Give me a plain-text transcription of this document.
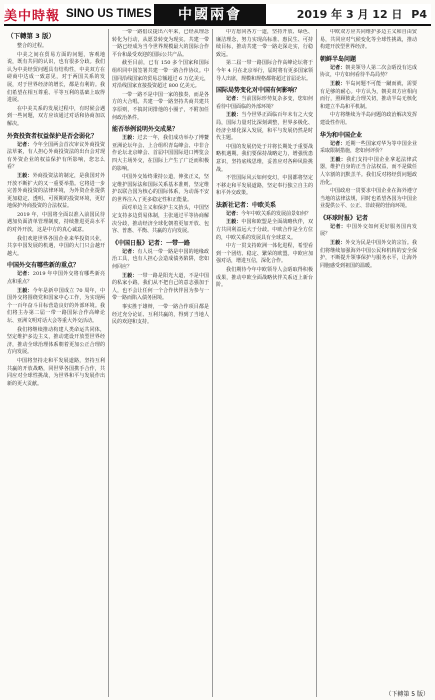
美中時報 SINO US TIMES	中國兩會	2019 年 3 月 12 日 P4
（下轉第 3 版）

整合的过程。

中美之间在贸易方面的问题，客观地说，既有共同的认识，也有很多分歧。我们认为中美经贸问题具有结构性，中美双方在磋商中达成一致意见，对于两国关系的发展，对于世界经济的增长，都是有利的。我们希望在相互尊重、平等互利的基础上取得进展。

在中美关系的发展过程中，有时候会遇到一些问题，双方应该通过对话和协商加以解决。

外资投资者权益保护是否会弱化？

记者：今年全国两会首次审议外商投资法草案，有人担心外商投资法的出台会对现有外资企业的权益保护有所影响，您怎么看？

王毅：外商投资法的制定，是我国对外开放不断扩大的又一重要举措。它将进一步完善外商投资的法律环境，为外资企业提供更加稳定、透明、可预期的投资环境，更好地保护外商投资的合法权益。

2019 年，中国将全面以准入前国民待遇加负面清单管理制度，持续推进更高水平的对外开放，这是中方的真心诚意。

我们欢迎世界各国企业来华投资兴业，共享中国发展的机遇，中国的大门只会越开越大。

中国外交有哪些新的重点？

记者：2019 年中国外交将有哪些新亮点和重点？

王毅：今年是新中国成立 70 周年，中国外交将围绕党和国家中心工作，为实现两个一百年奋斗目标营造良好的外部环境。我们将主办第二届一带一路国际合作高峰论坛、亚洲文明对话大会等重大外交活动。

我们将继续推动构建人类命运共同体，坚定维护多边主义，推动建设开放型世界经济，推动全球治理体系朝着更加公正合理的方向发展。

中国将坚持走和平发展道路，坚持互利共赢的开放战略，同世界各国携手合作，共同应对全球性挑战，为世界和平与发展作出新的更大贡献。

一带一路倡议提出六年来，已经从理念转化为行动，从愿景转变为现实。共建一带一路已经成为当今世界规模最大的国际合作平台和最受欢迎的国际公共产品。

截至目前，已有 150 多个国家和国际组织同中国签署共建一带一路合作协议。中国同沿线国家的贸易总额超过 6 万亿美元，对沿线国家直接投资超过 800 亿美元。

一带一路不是中国一家的独奏，而是各方的大合唱。共建一带一路坚持共商共建共享原则，不搞封闭排他的小圈子，不附加任何政治条件。

能否举例说明外交成果？

王毅：过去一年，我们成功举办了博鳌亚洲论坛年会、上合组织青岛峰会、中非合作论坛北京峰会、首届中国国际进口博览会四大主场外交，在国际上产生了广泛而积极的影响。

中国外交始终秉持公道，伸张正义，坚定维护国际法和国际关系基本准则，坚定维护以联合国为核心的国际体系，为动荡不安的世界注入了更多稳定性和正能量。

面对单边主义和保护主义抬头，中国坚定支持多边贸易体制，主张通过平等协商解决分歧，推动经济全球化朝着更加开放、包容、普惠、平衡、共赢的方向发展。

《中国日报》记者：一带一路

记者：有人说一带一路是中国的地缘政治工具，也有人担心会造成债务陷阱，您如何回应？

王毅：一带一路是阳光大道，不是中国的私家小路。我们从不把自己的意志强加于人，也不会让任何一个合作伙伴因为参与一带一路而陷入债务困境。

事实胜于雄辩，一带一路合作项目都是经过充分论证、互利共赢的，得到了当地人民的欢迎和支持。

中方愿同各方一道，坚持开放、绿色、廉洁理念，努力实现高标准、惠民生、可持续目标，推动共建一带一路走深走实，行稳致远。

第二届一带一路国际合作高峰论坛将于今年 4 月在北京举行，届时将有更多国家领导人出席，规模和规格都将超过首届论坛。

国际局势变化对中国有何影响？

记者：当前国际形势复杂多变，您如何看待中国面临的外部环境？

王毅：当今世界正面临百年未有之大变局，国际力量对比深刻调整，世界多极化、经济全球化深入发展，和平与发展仍然是时代主题。

中国的发展仍处于并将长期处于重要战略机遇期。我们要保持战略定力，增强忧患意识，坚持底线思维，妥善应对各种风险挑战。

不管国际风云如何变幻，中国都将坚定不移走和平发展道路，坚定奉行独立自主的和平外交政策。

法新社记者：中欧关系

记者：今年中欧关系的发展前景如何？

王毅：中国和欧盟是全面战略伙伴，双方共同利益远大于分歧。中欧合作是全方位的，中欧关系的发展具有全球意义。

中方一贯支持欧洲一体化进程，希望看到一个团结、稳定、繁荣的欧盟。中欧应加强对话，增进互信，深化合作。

我们期待今年中欧领导人会晤取得积极成果，推动中欧全面战略伙伴关系迈上新台阶。

中欧双方应共同维护多边主义和自由贸易，共同应对气候变化等全球性挑战，推动构建开放型世界经济。

朝鲜半岛问题

记者：朝美领导人第二次会晤没有达成协议，中方如何看待半岛局势？

王毅：半岛问题不可能一蹴而就，需要有足够的耐心。中方认为，朝美双方应相向而行，照顾彼此合理关切，推动半岛无核化和建立半岛和平机制。

中方将继续为半岛问题的政治解决发挥建设性作用。

华为和中国企业

记者：近期一些国家对华为等中国企业采取限制措施，您如何评价？

王毅：我们支持中国企业拿起法律武器，维护自身的正当合法权益，而不是做任人宰割的沉默羔羊。我们反对将经贸问题政治化。

中国政府一贯要求中国企业在海外遵守当地的法律法规，同时也希望各国为中国企业提供公平、公正、非歧视的营商环境。

《环球时报》记者

记者：中国外交如何更好服务国内发展？

王毅：外交为民是中国外交的宗旨。我们将继续加强海外中国公民和机构的安全保护，不断提升领事保护与服务水平，让海外同胞感受到祖国的温暖。

（下轉第 5 版）
